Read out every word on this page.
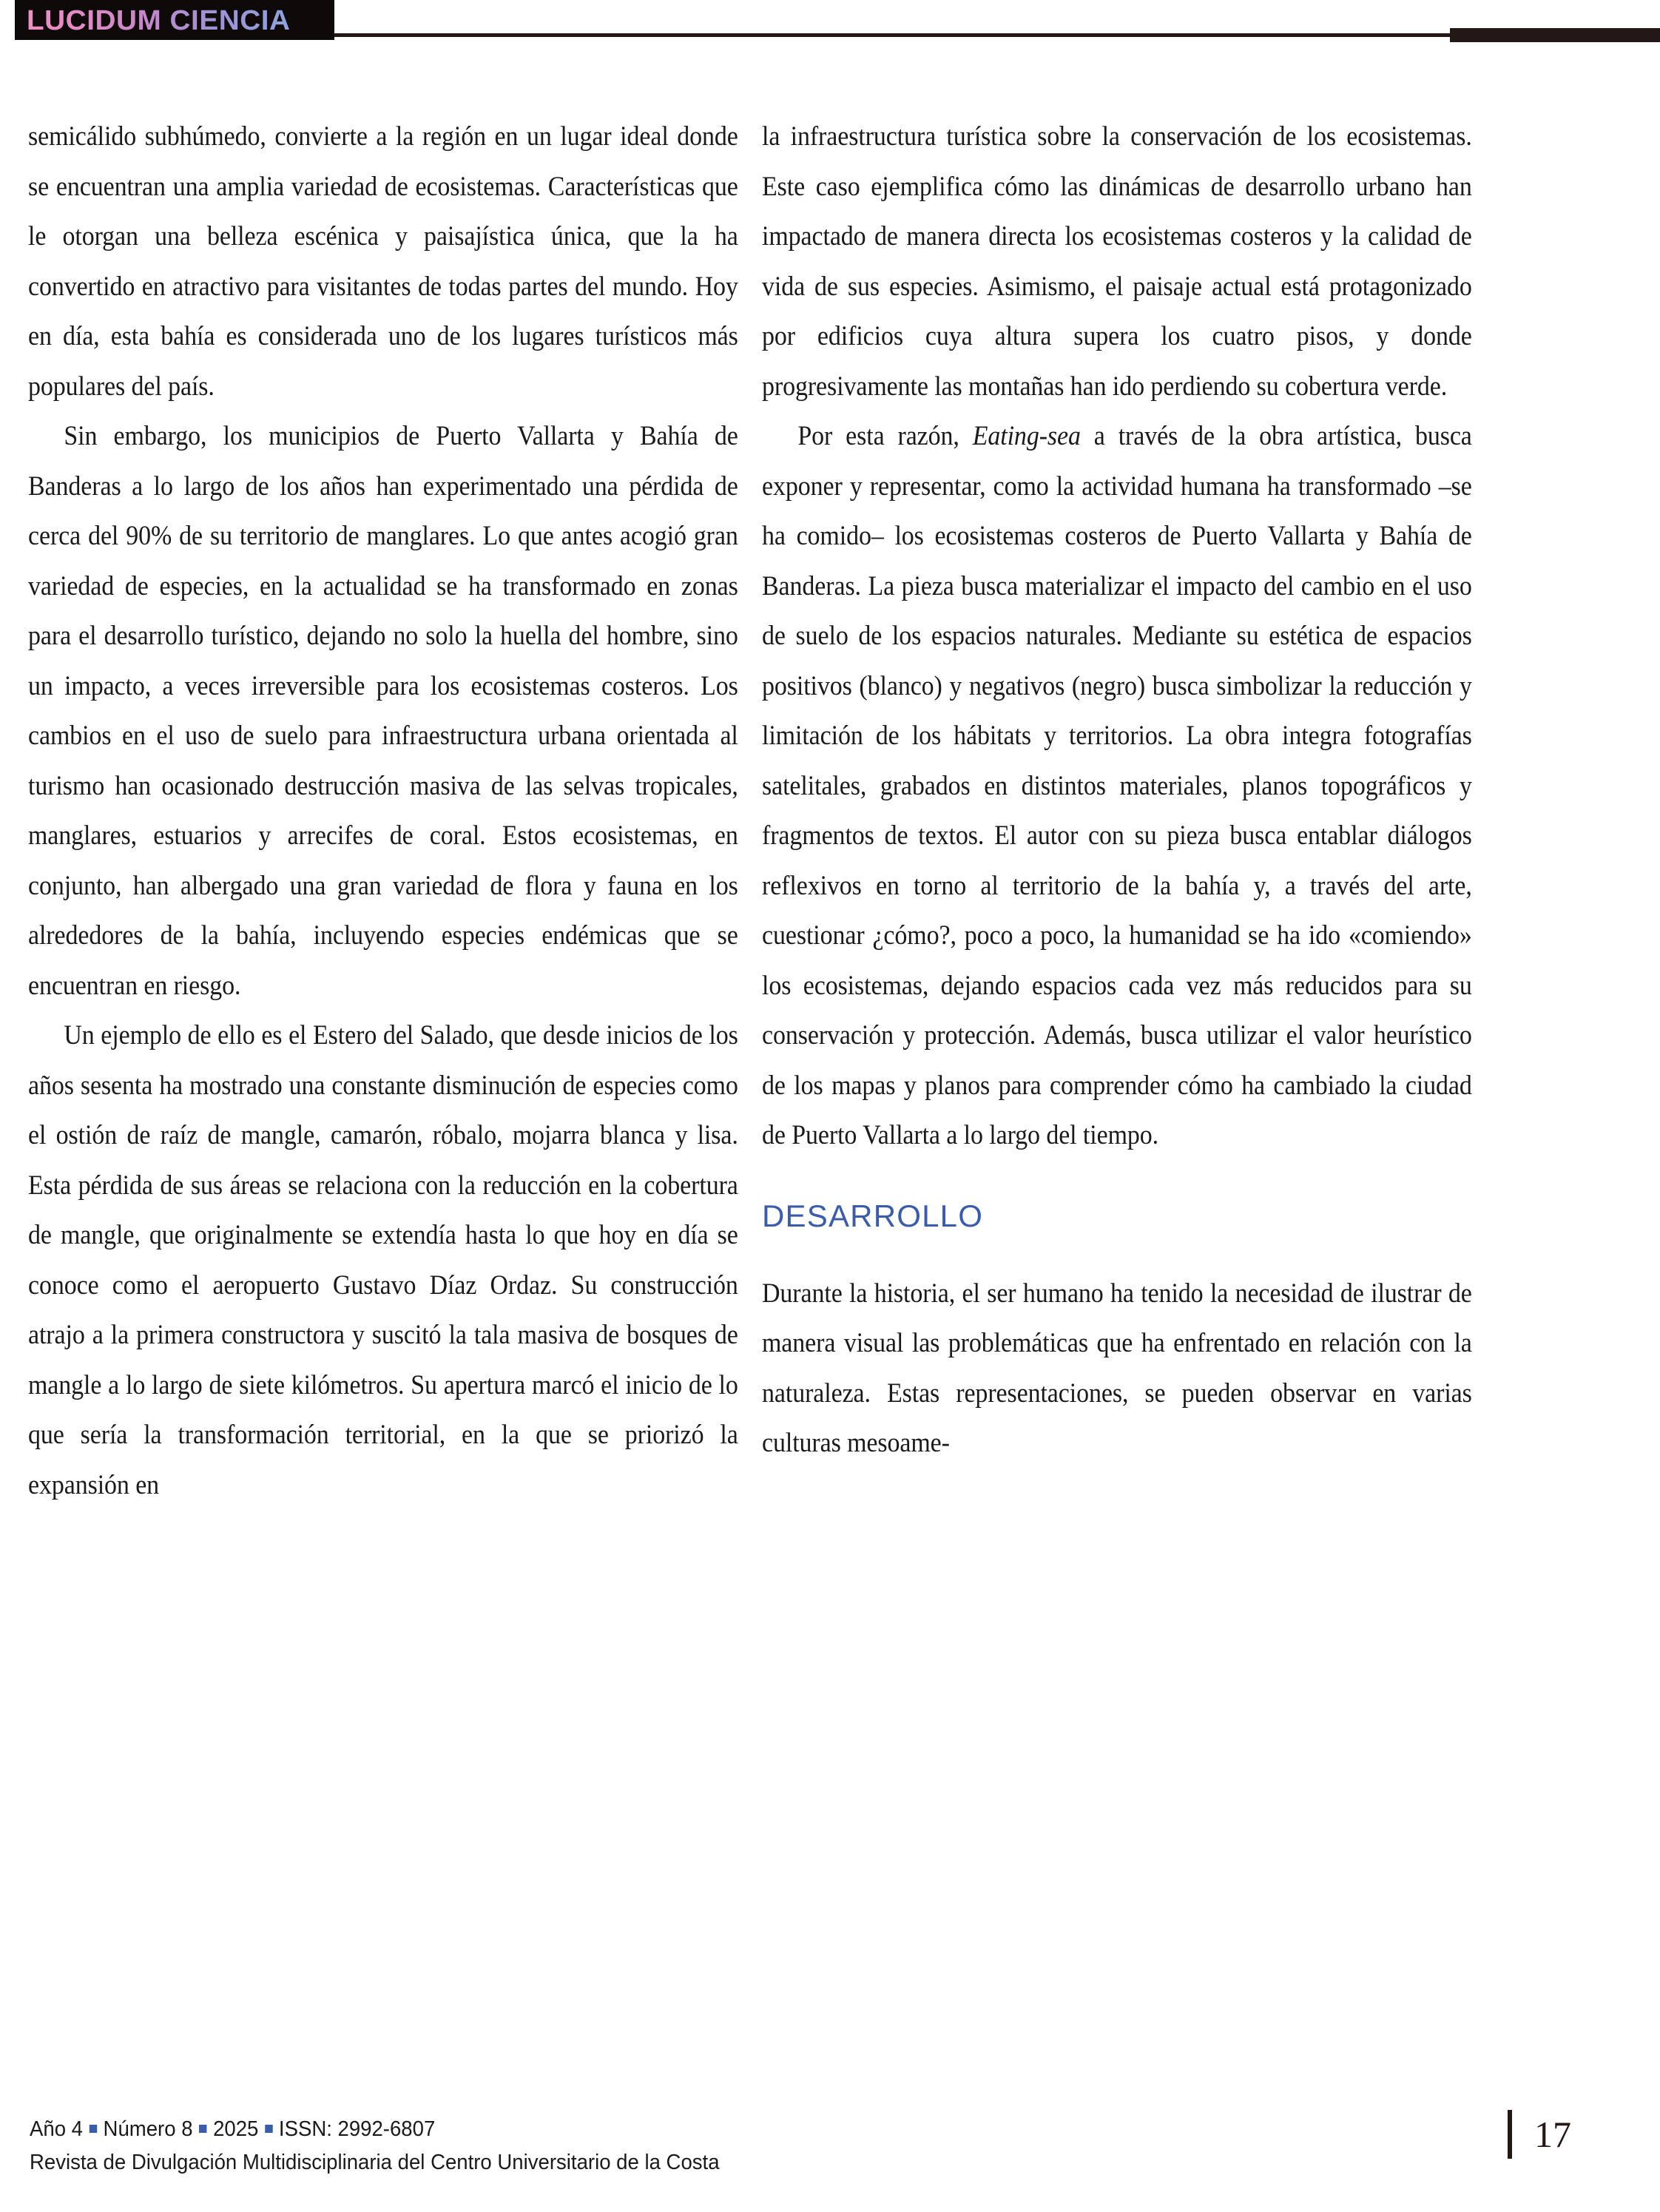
LUCIDUM CIENCIA

semicálido subhúmedo, convierte a la región en un lugar ideal donde se encuentran una amplia variedad de ecosistemas. Características que le otorgan una belleza escénica y paisajística única, que la ha convertido en atractivo para visitantes de todas partes del mundo. Hoy en día, esta bahía es considerada uno de los lugares turísticos más populares del país.

Sin embargo, los municipios de Puerto Vallarta y Bahía de Banderas a lo largo de los años han experimentado una pérdida de cerca del 90% de su territorio de manglares. Lo que antes acogió gran variedad de especies, en la actualidad se ha transformado en zonas para el desarrollo turístico, dejando no solo la huella del hombre, sino un impacto, a veces irreversible para los ecosistemas costeros. Los cambios en el uso de suelo para infraestructura urbana orientada al turismo han ocasionado destrucción masiva de las selvas tropicales, manglares, estuarios y arrecifes de coral. Estos ecosistemas, en conjunto, han albergado una gran variedad de flora y fauna en los alrededores de la bahía, incluyendo especies endémicas que se encuentran en riesgo.

Un ejemplo de ello es el Estero del Salado, que desde inicios de los años sesenta ha mostrado una constante disminución de especies como el ostión de raíz de mangle, camarón, róbalo, mojarra blanca y lisa. Esta pérdida de sus áreas se relaciona con la reducción en la cobertura de mangle, que originalmente se extendía hasta lo que hoy en día se conoce como el aeropuerto Gustavo Díaz Ordaz. Su construcción atrajo a la primera constructora y suscitó la tala masiva de bosques de mangle a lo largo de siete kilómetros. Su apertura marcó el inicio de lo que sería la transformación territorial, en la que se priorizó la expansión en

la infraestructura turística sobre la conservación de los ecosistemas. Este caso ejemplifica cómo las dinámicas de desarrollo urbano han impactado de manera directa los ecosistemas costeros y la calidad de vida de sus especies. Asimismo, el paisaje actual está protagonizado por edificios cuya altura supera los cuatro pisos, y donde progresivamente las montañas han ido perdiendo su cobertura verde.

Por esta razón, Eating-sea a través de la obra artística, busca exponer y representar, como la actividad humana ha transformado –se ha comido– los ecosistemas costeros de Puerto Vallarta y Bahía de Banderas. La pieza busca materializar el impacto del cambio en el uso de suelo de los espacios naturales. Mediante su estética de espacios positivos (blanco) y negativos (negro) busca simbolizar la reducción y limitación de los hábitats y territorios. La obra integra fotografías satelitales, grabados en distintos materiales, planos topográficos y fragmentos de textos. El autor con su pieza busca entablar diálogos reflexivos en torno al territorio de la bahía y, a través del arte, cuestionar ¿cómo?, poco a poco, la humanidad se ha ido «comiendo» los ecosistemas, dejando espacios cada vez más reducidos para su conservación y protección. Además, busca utilizar el valor heurístico de los mapas y planos para comprender cómo ha cambiado la ciudad de Puerto Vallarta a lo largo del tiempo.

DESARROLLO

Durante la historia, el ser humano ha tenido la necesidad de ilustrar de manera visual las problemáticas que ha enfrentado en relación con la naturaleza. Estas representaciones, se pueden observar en varias culturas mesoame-

Año 4 Número 8 2025 ISSN: 2992-6807
Revista de Divulgación Multidisciplinaria del Centro Universitario de la Costa
17
